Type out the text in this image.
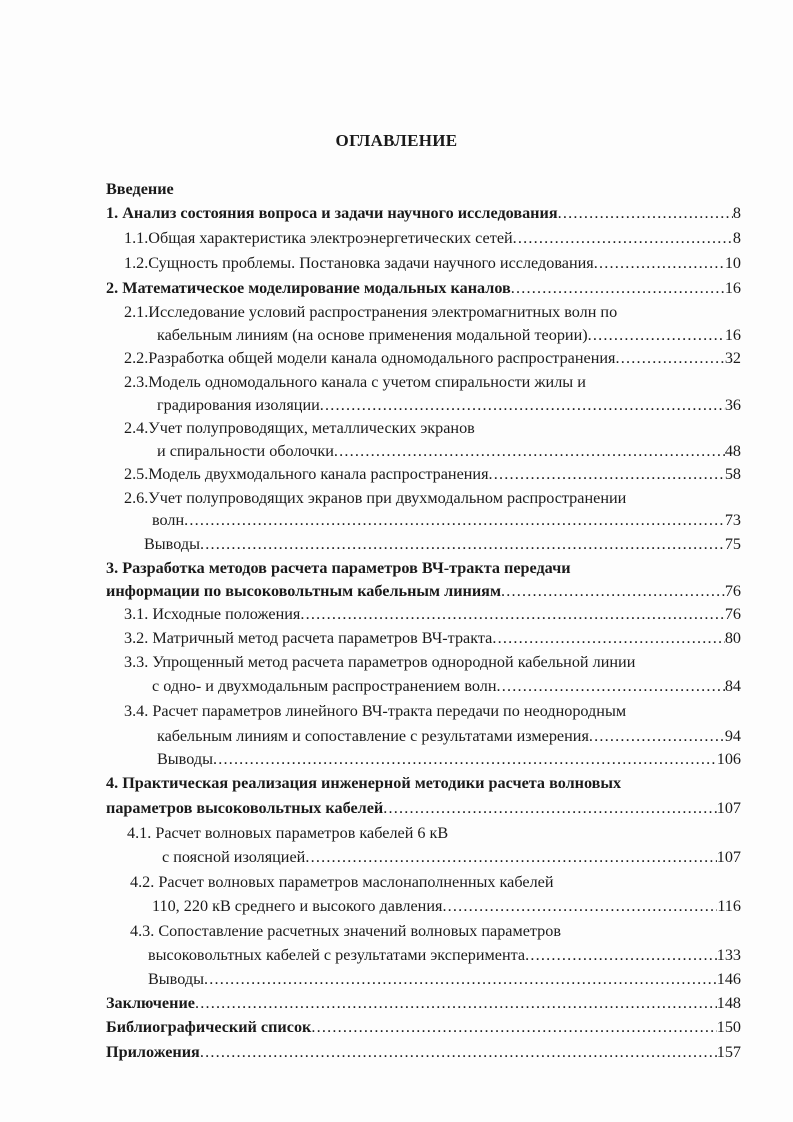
ОГЛАВЛЕНИЕ
Введение
1. Анализ состояния вопроса и задачи научного исследования .....	8
1.1.Общая характеристика электроэнергетических сетей .....	8
1.2.Сущность проблемы. Постановка задачи научного исследования .....	10
2. Математическое моделирование модальных каналов .....	16
2.1.Исследование условий распространения электромагнитных волн по
кабельным линиям (на основе применения модальной теории) .....	16
2.2.Разработка общей модели канала одномодального распространения .....	32
2.3.Модель одномодального канала с учетом спиральности жилы и
градирования изоляции .....	36
2.4.Учет полупроводящих, металлических экранов
и спиральности оболочки .....	48
2.5.Модель двухмодального канала распространения .....	58
2.6.Учет полупроводящих экранов при двухмодальном распространении
волн .....	73
Выводы .....	75
3. Разработка методов расчета параметров ВЧ-тракта передачи
информации по высоковольтным кабельным линиям .....	76
3.1. Исходные положения .....	76
3.2. Матричный метод расчета параметров ВЧ-тракта .....	80
3.3. Упрощенный метод расчета параметров однородной кабельной линии
с одно- и двухмодальным распространением волн .....	84
3.4. Расчет параметров линейного ВЧ-тракта передачи по неоднородным
кабельным линиям и сопоставление с результатами измерения .....	94
Выводы .....	106
4. Практическая реализация инженерной методики расчета волновых
параметров высоковольтных кабелей .....	107
4.1. Расчет волновых параметров кабелей 6 кВ
с поясной изоляцией .....	107
4.2. Расчет волновых параметров маслонаполненных кабелей
110, 220 кВ среднего и высокого давления .....	116
4.3. Сопоставление расчетных значений волновых параметров
высоковольтных кабелей с результатами эксперимента .....	133
Выводы .....	146
Заключение .....	148
Библиографический список .....	150
Приложения .....	157
